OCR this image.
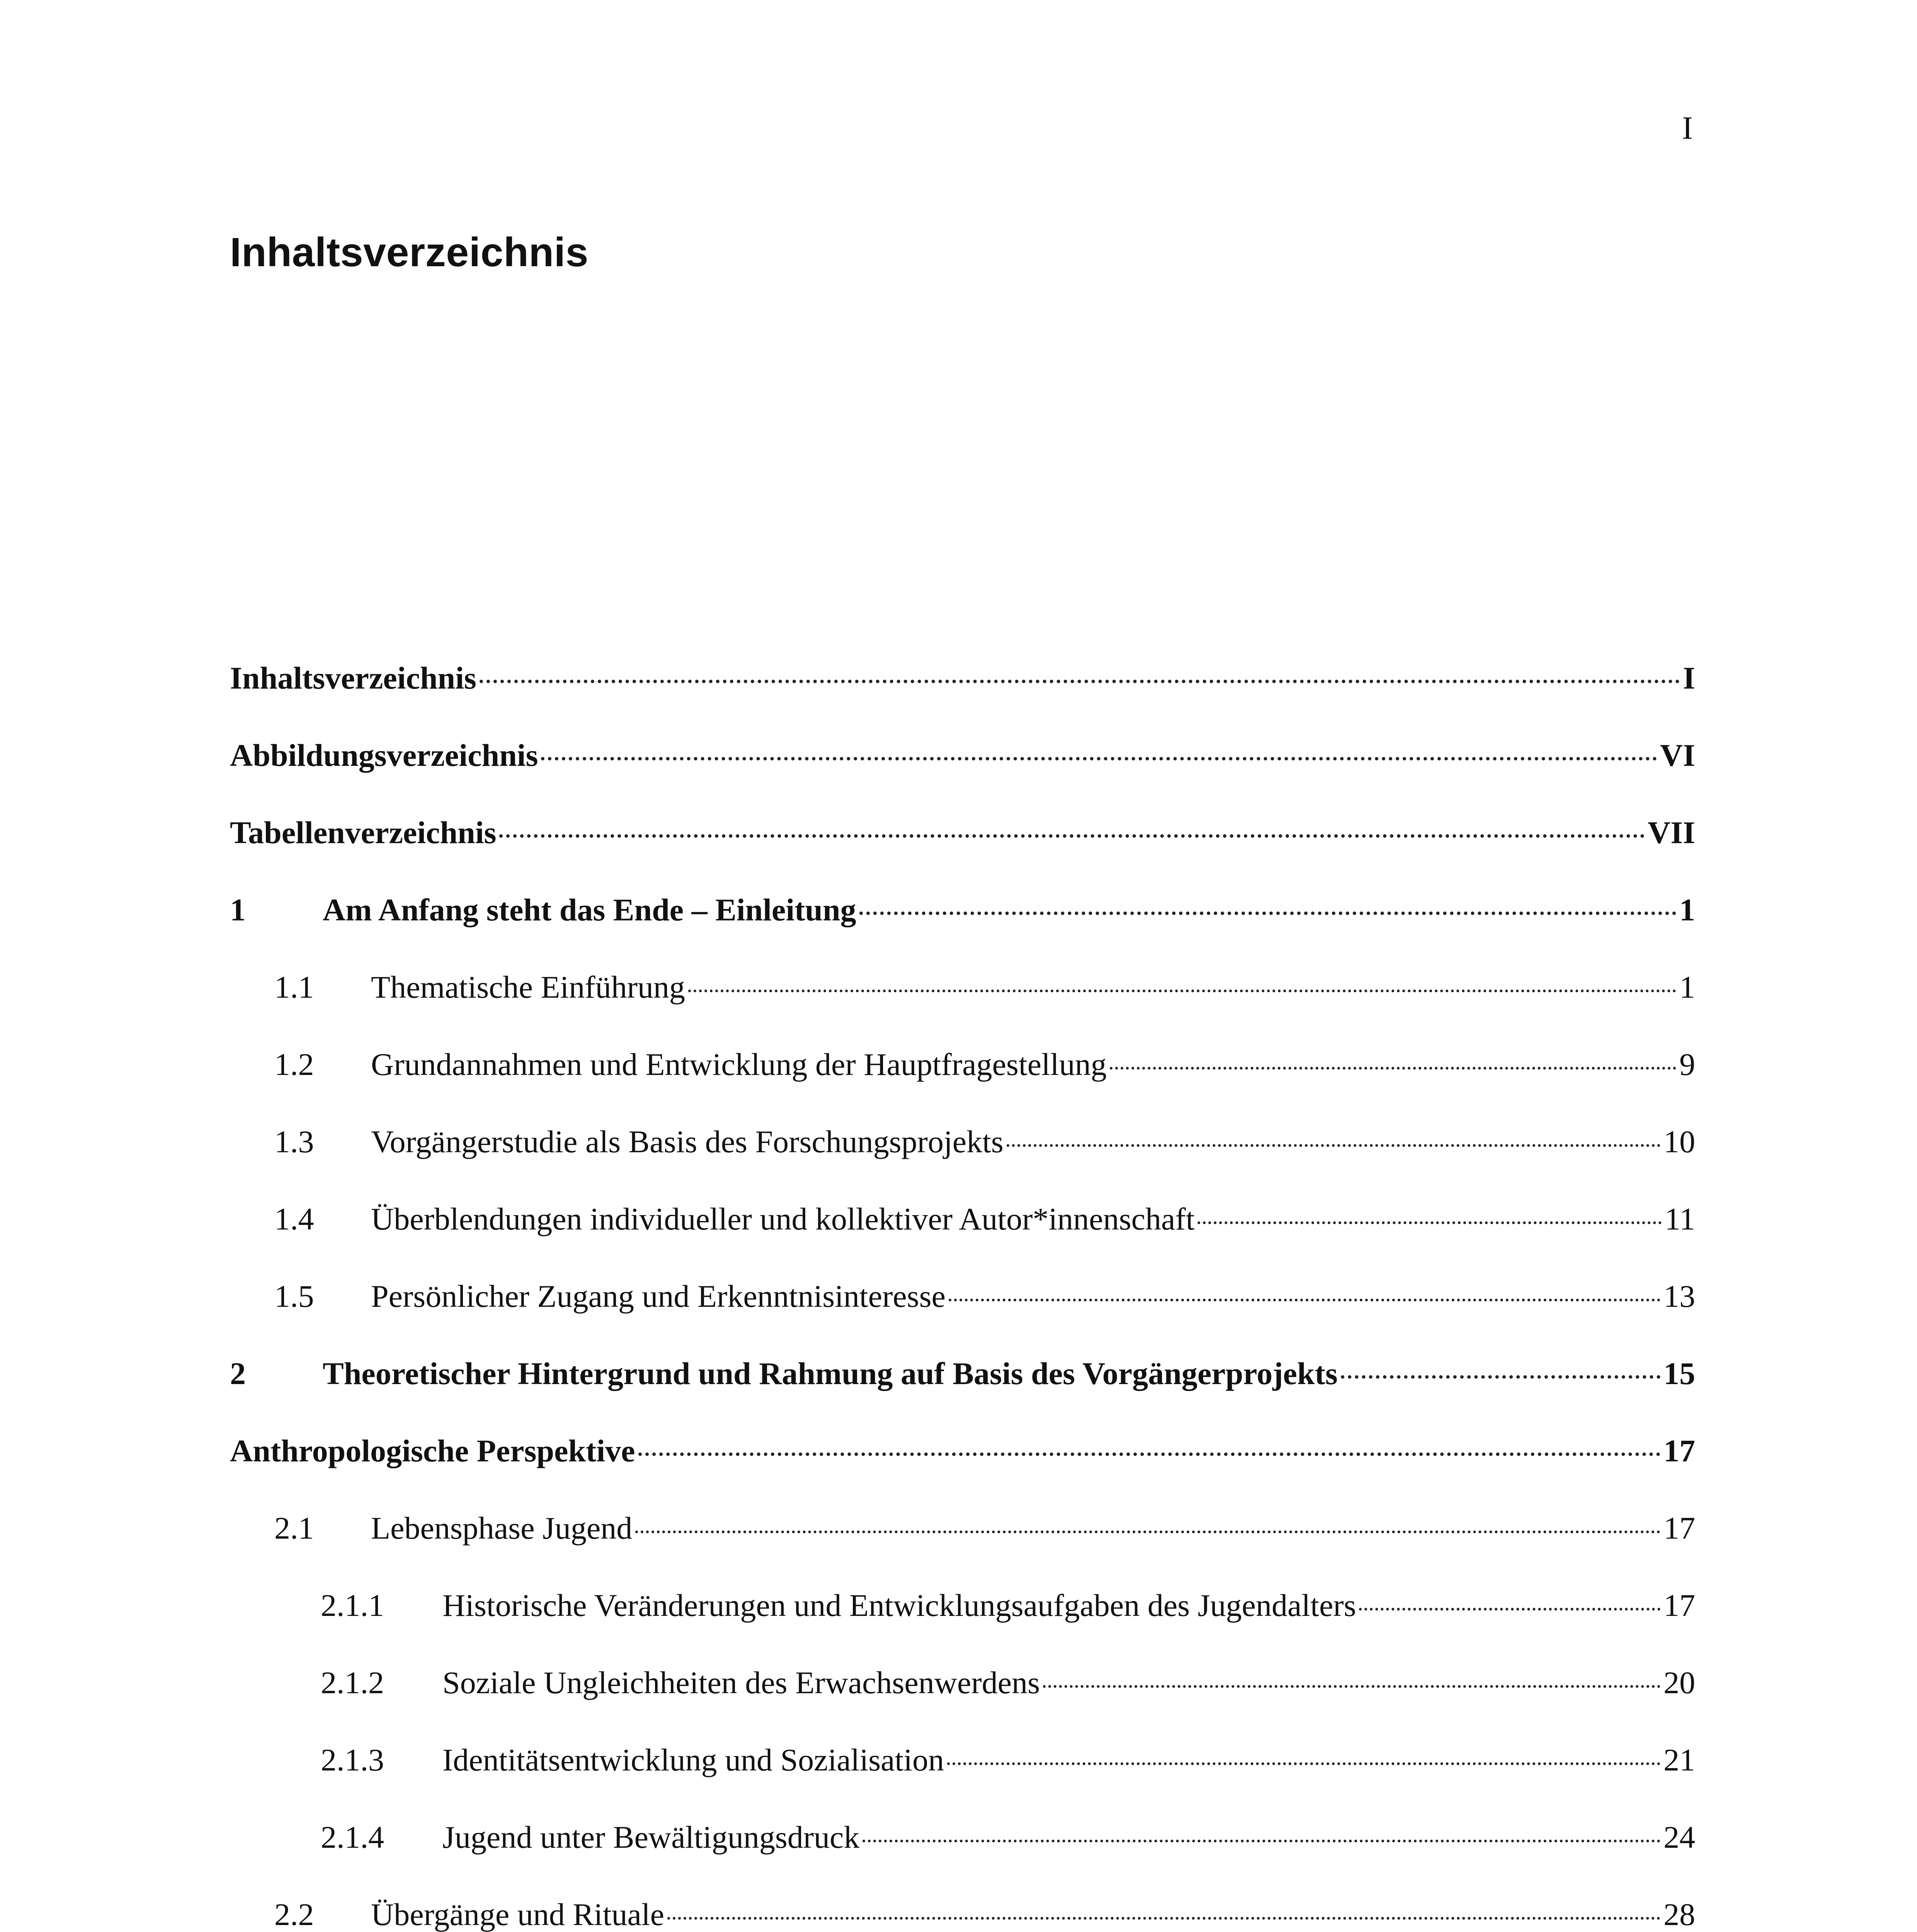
I
Inhaltsverzeichnis
Inhaltsverzeichnis	I
Abbildungsverzeichnis	VI
Tabellenverzeichnis	VII
1	Am Anfang steht das Ende – Einleitung	1
1.1	Thematische Einführung	1
1.2	Grundannahmen und Entwicklung der Hauptfragestellung	9
1.3	Vorgängerstudie als Basis des Forschungsprojekts	10
1.4	Überblendungen individueller und kollektiver Autor*innenschaft	11
1.5	Persönlicher Zugang und Erkenntnisinteresse	13
2	Theoretischer Hintergrund und Rahmung auf Basis des Vorgängerprojekts	15
Anthropologische Perspektive	17
2.1	Lebensphase Jugend	17
2.1.1	Historische Veränderungen und Entwicklungsaufgaben des Jugendalters	17
2.1.2	Soziale Ungleichheiten des Erwachsenwerdens	20
2.1.3	Identitätsentwicklung und Sozialisation	21
2.1.4	Jugend unter Bewältigungsdruck	24
2.2	Übergänge und Rituale	28
